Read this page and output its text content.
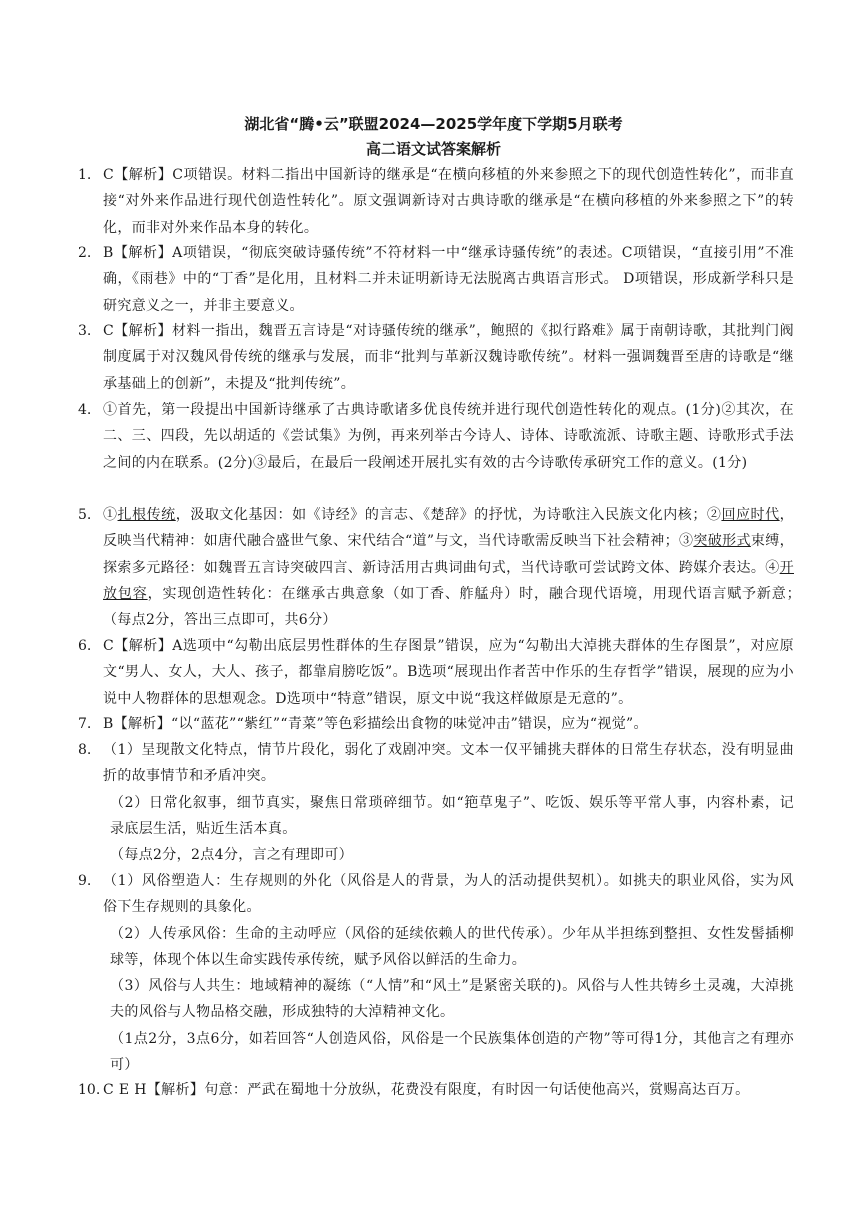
湖北省“腾•云”联盟2024—2025学年度下学期5月联考
高二语文试答案解析
1. C【解析】C项错误。材料二指出中国新诗的继承是“在横向移植的外来参照之下的现代创造性转化”，而非直接“对外来作品进行现代创造性转化”。原文强调新诗对古典诗歌的继承是“在横向移植的外来参照之下”的转化，而非对外来作品本身的转化。

2. B【解析】A项错误，“彻底突破诗骚传统”不符材料一中“继承诗骚传统”的表述。C项错误，“直接引用”不准确，《雨巷》中的“丁香”是化用，且材料二并未证明新诗无法脱离古典语言形式。 D项错误，形成新学科只是研究意义之一，并非主要意义。

3. C【解析】材料一指出，魏晋五言诗是“对诗骚传统的继承”，鲍照的《拟行路难》属于南朝诗歌，其批判门阀制度属于对汉魏风骨传统的继承与发展，而非“批判与革新汉魏诗歌传统”。材料一强调魏晋至唐的诗歌是“继承基础上的创新”，未提及“批判传统”。

4. ①首先，第一段提出中国新诗继承了古典诗歌诸多优良传统并进行现代创造性转化的观点。(1分)②其次，在二、三、四段，先以胡适的《尝试集》为例，再来列举古今诗人、诗体、诗歌流派、诗歌主题、诗歌形式手法之间的内在联系。(2分)③最后，在最后一段阐述开展扎实有效的古今诗歌传承研究工作的意义。(1分)

5. ①扎根传统，汲取文化基因：如《诗经》的言志、《楚辞》的抒忧，为诗歌注入民族文化内核；②回应时代，反映当代精神：如唐代融合盛世气象、宋代结合“道”与文，当代诗歌需反映当下社会精神；③突破形式束缚，探索多元路径：如魏晋五言诗突破四言、新诗活用古典词曲句式，当代诗歌可尝试跨文体、跨媒介表达。④开放包容，实现创造性转化：在继承古典意象（如丁香、舴艋舟）时，融合现代语境，用现代语言赋予新意；　（每点2分，答出三点即可，共6分）

6. C【解析】A选项中“勾勒出底层男性群体的生存图景”错误，应为“勾勒出大淖挑夫群体的生存图景”，对应原文“男人、女人，大人、孩子，都靠肩膀吃饭”。B选项“展现出作者苦中作乐的生存哲学”错误，展现的应为小说中人物群体的思想观念。D选项中“特意”错误，原文中说“我这样做原是无意的”。

7. B【解析】“以“蓝花”“紫红”“青菜”等色彩描绘出食物的味觉冲击”错误，应为“视觉”。

8. （1）呈现散文化特点，情节片段化，弱化了戏剧冲突。文本一仅平铺挑夫群体的日常生存状态，没有明显曲折的故事情节和矛盾冲突。

（2）日常化叙事，细节真实，聚焦日常琐碎细节。如“筢草鬼子”、吃饭、娱乐等平常人事，内容朴素，记录底层生活，贴近生活本真。

（每点2分，2点4分，言之有理即可）

9. （1）风俗塑造人：生存规则的外化（风俗是人的背景，为人的活动提供契机）。如挑夫的职业风俗，实为风俗下生存规则的具象化。

（2）人传承风俗：生命的主动呼应（风俗的延续依赖人的世代传承）。少年从半担练到整担、女性发髻插柳球等，体现个体以生命实践传承传统，赋予风俗以鲜活的生命力。

（3）风俗与人共生：地域精神的凝练（“人情”和“风土”是紧密关联的)。风俗与人性共铸乡土灵魂，大淖挑夫的风俗与人物品格交融，形成独特的大淖精神文化。

（1点2分，3点6分，如若回答“人创造风俗，风俗是一个民族集体创造的产物”等可得1分，其他言之有理亦可）

10. C E H【解析】句意：严武在蜀地十分放纵，花费没有限度，有时因一句话使他高兴，赏赐高达百万。
